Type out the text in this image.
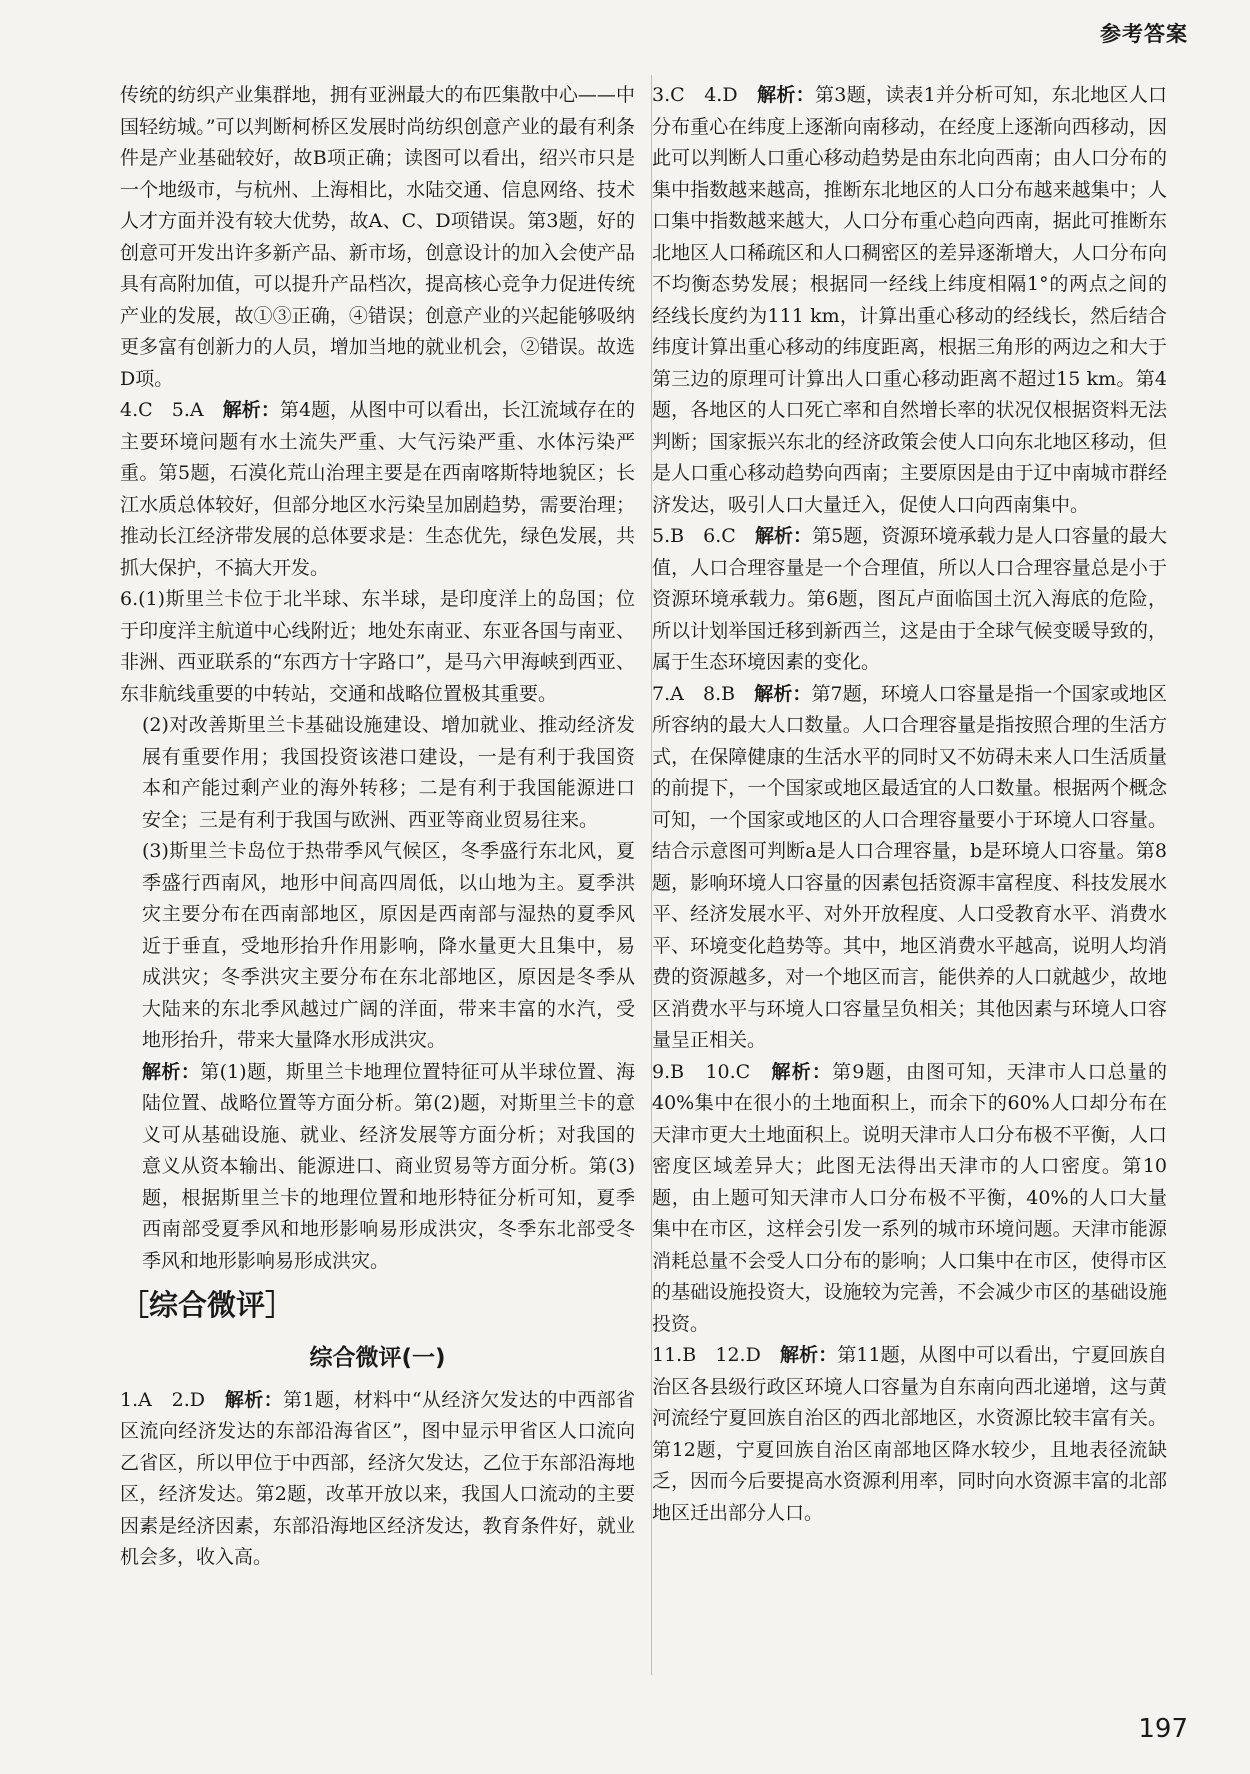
参考答案

传统的纺织产业集群地，拥有亚洲最大的布匹集散中心——中国轻纺城。”可以判断柯桥区发展时尚纺织创意产业的最有利条件是产业基础较好，故B项正确；读图可以看出，绍兴市只是一个地级市，与杭州、上海相比，水陆交通、信息网络、技术人才方面并没有较大优势，故A、C、D项错误。第3题，好的创意可开发出许多新产品、新市场，创意设计的加入会使产品具有高附加值，可以提升产品档次，提高核心竞争力促进传统产业的发展，故①③正确，④错误；创意产业的兴起能够吸纳更多富有创新力的人员，增加当地的就业机会，②错误。故选D项。

4.C　5.A　解析：第4题，从图中可以看出，长江流域存在的主要环境问题有水土流失严重、大气污染严重、水体污染严重。第5题，石漠化荒山治理主要是在西南喀斯特地貌区；长江水质总体较好，但部分地区水污染呈加剧趋势，需要治理；推动长江经济带发展的总体要求是：生态优先，绿色发展，共抓大保护，不搞大开发。

6.(1)斯里兰卡位于北半球、东半球，是印度洋上的岛国；位于印度洋主航道中心线附近；地处东南亚、东亚各国与南亚、非洲、西亚联系的“东西方十字路口”，是马六甲海峡到西亚、东非航线重要的中转站，交通和战略位置极其重要。

(2)对改善斯里兰卡基础设施建设、增加就业、推动经济发展有重要作用；我国投资该港口建设，一是有利于我国资本和产能过剩产业的海外转移；二是有利于我国能源进口安全；三是有利于我国与欧洲、西亚等商业贸易往来。

(3)斯里兰卡岛位于热带季风气候区，冬季盛行东北风，夏季盛行西南风，地形中间高四周低，以山地为主。夏季洪灾主要分布在西南部地区，原因是西南部与湿热的夏季风近于垂直，受地形抬升作用影响，降水量更大且集中，易成洪灾；冬季洪灾主要分布在东北部地区，原因是冬季从大陆来的东北季风越过广阔的洋面，带来丰富的水汽，受地形抬升，带来大量降水形成洪灾。

解析：第(1)题，斯里兰卡地理位置特征可从半球位置、海陆位置、战略位置等方面分析。第(2)题，对斯里兰卡的意义可从基础设施、就业、经济发展等方面分析；对我国的意义从资本输出、能源进口、商业贸易等方面分析。第(3)题，根据斯里兰卡的地理位置和地形特征分析可知，夏季西南部受夏季风和地形影响易形成洪灾，冬季东北部受冬季风和地形影响易形成洪灾。

［综合微评］
综合微评(一)

1.A　2.D　解析：第1题，材料中“从经济欠发达的中西部省区流向经济发达的东部沿海省区”，图中显示甲省区人口流向乙省区，所以甲位于中西部，经济欠发达，乙位于东部沿海地区，经济发达。第2题，改革开放以来，我国人口流动的主要因素是经济因素，东部沿海地区经济发达，教育条件好，就业机会多，收入高。

3.C　4.D　解析：第3题，读表1并分析可知，东北地区人口分布重心在纬度上逐渐向南移动，在经度上逐渐向西移动，因此可以判断人口重心移动趋势是由东北向西南；由人口分布的集中指数越来越高，推断东北地区的人口分布越来越集中；人口集中指数越来越大，人口分布重心趋向西南，据此可推断东北地区人口稀疏区和人口稠密区的差异逐渐增大，人口分布向不均衡态势发展；根据同一经线上纬度相隔1°的两点之间的经线长度约为111 km，计算出重心移动的经线长，然后结合纬度计算出重心移动的纬度距离，根据三角形的两边之和大于第三边的原理可计算出人口重心移动距离不超过15 km。第4题，各地区的人口死亡率和自然增长率的状况仅根据资料无法判断；国家振兴东北的经济政策会使人口向东北地区移动，但是人口重心移动趋势向西南；主要原因是由于辽中南城市群经济发达，吸引人口大量迁入，促使人口向西南集中。

5.B　6.C　解析：第5题，资源环境承载力是人口容量的最大值，人口合理容量是一个合理值，所以人口合理容量总是小于资源环境承载力。第6题，图瓦卢面临国土沉入海底的危险，所以计划举国迁移到新西兰，这是由于全球气候变暖导致的，属于生态环境因素的变化。

7.A　8.B　解析：第7题，环境人口容量是指一个国家或地区所容纳的最大人口数量。人口合理容量是指按照合理的生活方式，在保障健康的生活水平的同时又不妨碍未来人口生活质量的前提下，一个国家或地区最适宜的人口数量。根据两个概念可知，一个国家或地区的人口合理容量要小于环境人口容量。结合示意图可判断a是人口合理容量，b是环境人口容量。第8题，影响环境人口容量的因素包括资源丰富程度、科技发展水平、经济发展水平、对外开放程度、人口受教育水平、消费水平、环境变化趋势等。其中，地区消费水平越高，说明人均消费的资源越多，对一个地区而言，能供养的人口就越少，故地区消费水平与环境人口容量呈负相关；其他因素与环境人口容量呈正相关。

9.B　10.C　解析：第9题，由图可知，天津市人口总量的40%集中在很小的土地面积上，而余下的60%人口却分布在天津市更大土地面积上。说明天津市人口分布极不平衡，人口密度区域差异大；此图无法得出天津市的人口密度。第10题，由上题可知天津市人口分布极不平衡，40%的人口大量集中在市区，这样会引发一系列的城市环境问题。天津市能源消耗总量不会受人口分布的影响；人口集中在市区，使得市区的基础设施投资大，设施较为完善，不会减少市区的基础设施投资。

11.B　12.D　解析：第11题，从图中可以看出，宁夏回族自治区各县级行政区环境人口容量为自东南向西北递增，这与黄河流经宁夏回族自治区的西北部地区，水资源比较丰富有关。第12题，宁夏回族自治区南部地区降水较少，且地表径流缺乏，因而今后要提高水资源利用率，同时向水资源丰富的北部地区迁出部分人口。

197
